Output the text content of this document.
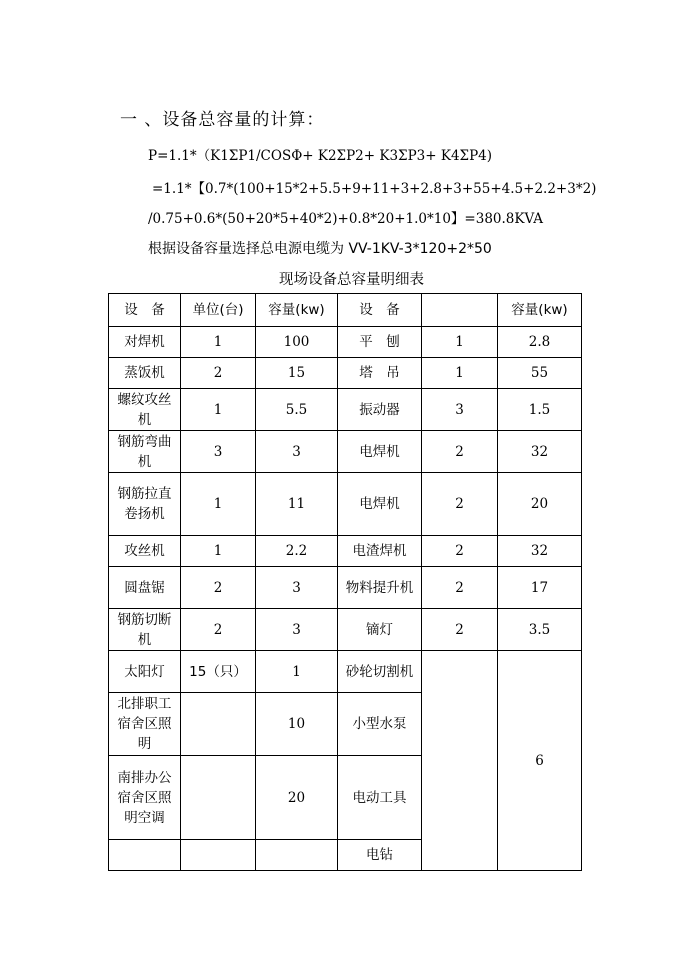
一 、设备总容量的计算：
P=1.1*（K1ΣP1/COSΦ+ K2ΣP2+ K3ΣP3+ K4ΣP4)
=1.1*【0.7*(100+15*2+5.5+9+11+3+2.8+3+55+4.5+2.2+3*2)
/0.75+0.6*(50+20*5+40*2)+0.8*20+1.0*10】=380.8KVA
根据设备容量选择总电源电缆为 VV-1KV-3*120+2*50
现场设备总容量明细表
设　备	单位(台)	容量(kw)	设　备		容量(kw)
对焊机	1	100	平　刨	1	2.8
蒸饭机	2	15	塔　吊	1	55
螺纹攻丝机	1	5.5	振动器	3	1.5
钢筋弯曲机	3	3	电焊机	2	32
钢筋拉直卷扬机	1	11	电焊机	2	20
攻丝机	1	2.2	电渣焊机	2	32
圆盘锯	2	3	物料提升机	2	17
钢筋切断机	2	3	镝灯	2	3.5
太阳灯	15（只）	1	砂轮切割机		6
北排职工宿舍区照明		10	小型水泵		
南排办公宿舍区照明空调		20	电动工具		
			电钻		
